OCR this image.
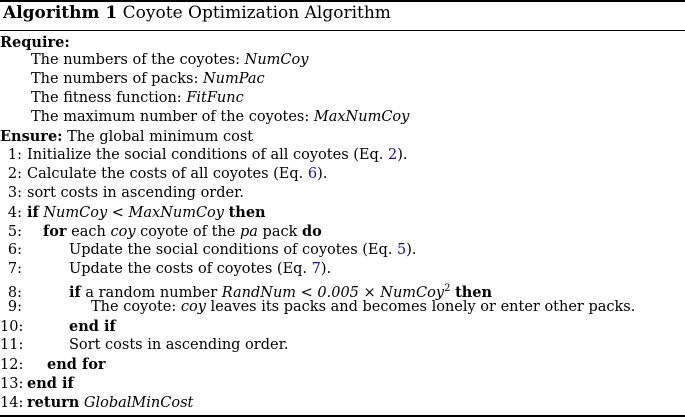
Algorithm 1 Coyote Optimization Algorithm
Require:
The numbers of the coyotes: NumCoy
The numbers of packs: NumPac
The fitness function: FitFunc
The maximum number of the coyotes: MaxNumCoy
Ensure: The global minimum cost
1: Initialize the social conditions of all coyotes (Eq. 2).
2: Calculate the costs of all coyotes (Eq. 6).
3: sort costs in ascending order.
4: if NumCoy < MaxNumCoy then
5: for each coy coyote of the pa pack do
6:	Update the social conditions of coyotes (Eq. 5).
7:	Update the costs of coyotes (Eq. 7).
8:	if a random number RandNum < 0.005 × NumCoy$^2$ then
9:	The coyote: coy leaves its packs and becomes lonely or enter other packs.
10:	end if
11:	Sort costs in ascending order.
12: end for
13: end if
14: return GlobalMinCost
